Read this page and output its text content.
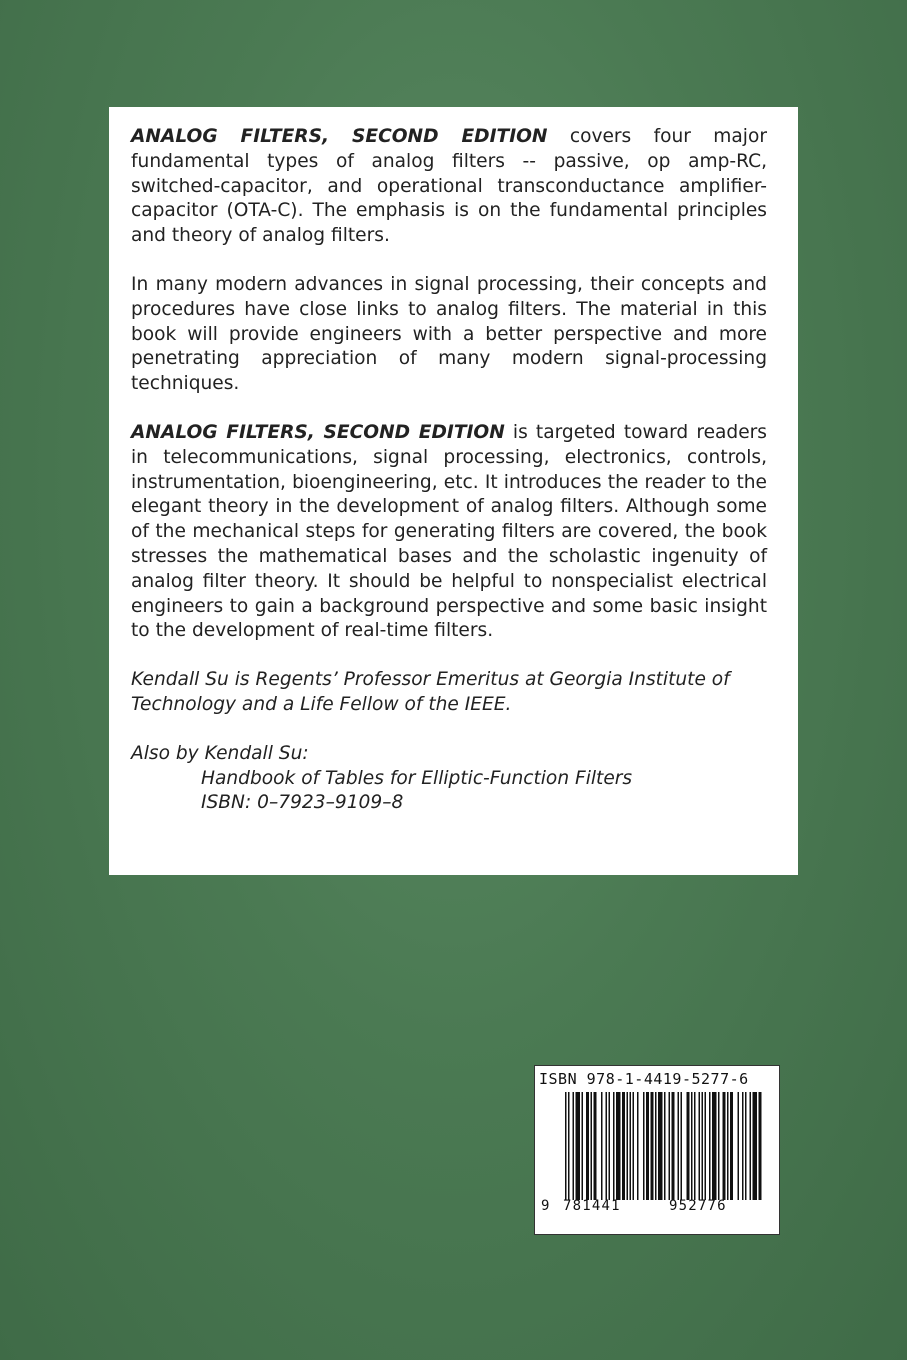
ANALOG FILTERS, SECOND EDITION covers four major fundamental types of analog filters -- passive, op amp-RC, switched-capacitor, and operational transconductance amplifier-capacitor (OTA-C). The emphasis is on the fundamental principles and theory of analog filters.

In many modern advances in signal processing, their concepts and procedures have close links to analog filters. The material in this book will provide engineers with a better perspective and more penetrating appreciation of many modern signal-processing techniques.

ANALOG FILTERS, SECOND EDITION is targeted toward readers in telecommunications, signal processing, electronics, controls, instrumentation, bioengineering, etc. It introduces the reader to the elegant theory in the development of analog filters. Although some of the mechanical steps for generating filters are covered, the book stresses the mathematical bases and the scholastic ingenuity of analog filter theory. It should be helpful to nonspecialist electrical engineers to gain a background perspective and some basic insight to the development of real-time filters.

Kendall Su is Regents’ Professor Emeritus at Georgia Institute of Technology and a Life Fellow of the IEEE.

Also by Kendall Su:

Handbook of Tables for Elliptic-Function Filters

ISBN: 0–7923–9109–8

ISBN 978-1-4419-5277-6
9 781441	952776
